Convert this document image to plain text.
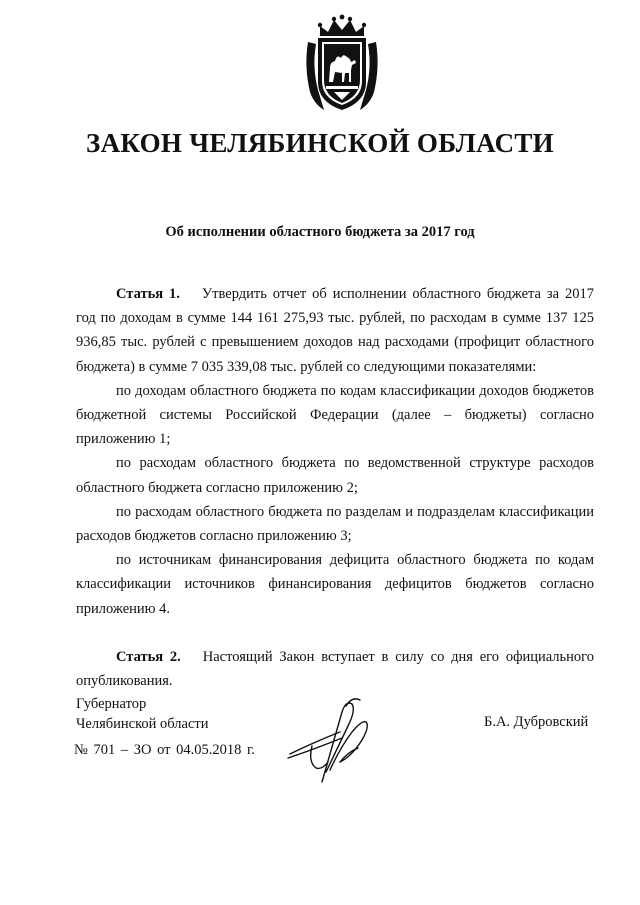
ЗАКОН ЧЕЛЯБИНСКОЙ ОБЛАСТИ
Об исполнении областного бюджета за 2017 год

Статья 1. Утвердить отчет об исполнении областного бюджета за 2017 год по доходам в сумме 144 161 275,93 тыс. рублей, по расходам в сумме 137 125 936,85 тыс. рублей с превышением доходов над расходами (профицит областного бюджета) в сумме 7 035 339,08 тыс. рублей со следующими показателями:

по доходам областного бюджета по кодам классификации доходов бюджетов бюджетной системы Российской Федерации (далее – бюджеты) согласно приложению 1;

по расходам областного бюджета по ведомственной структуре расходов областного бюджета согласно приложению 2;

по расходам областного бюджета по разделам и подразделам классификации расходов бюджетов согласно приложению 3;

по источникам финансирования дефицита областного бюджета по кодам классификации источников финансирования дефицитов бюджетов согласно приложению 4.

Статья 2. Настоящий Закон вступает в силу со дня его официального опубликования.

Губернатор
Челябинской области	Б.А. Дубровский
№ 701 – ЗО от 04.05.2018 г.
